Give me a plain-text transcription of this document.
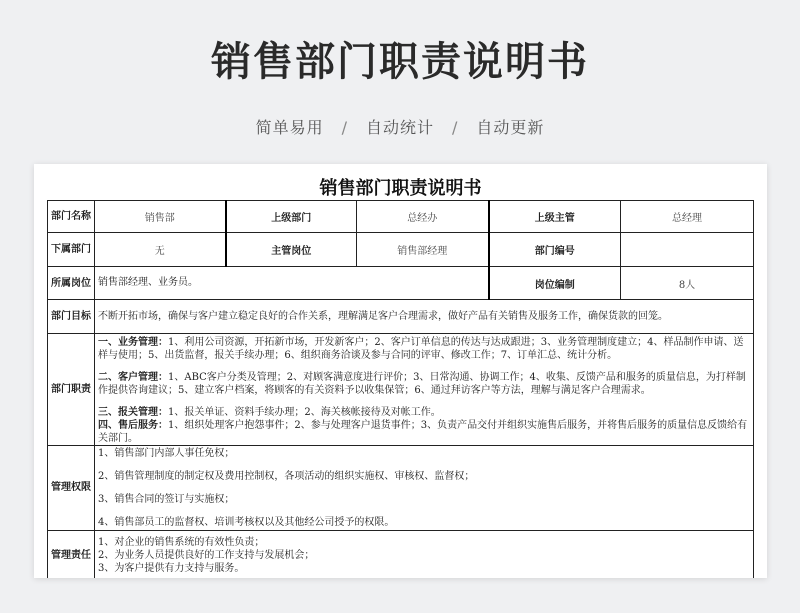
销售部门职责说明书
简单易用 / 自动统计 / 自动更新
销售部门职责说明书
部门名称	销售部	上级部门	总经办	上级主管	总经理
下属部门	无	主管岗位	销售部经理	部门编号	
所属岗位	销售部经理、业务员。			岗位编制	8人
部门目标	不断开拓市场，确保与客户建立稳定良好的合作关系，理解满足客户合理需求，做好产品有关销售及服务工作，确保货款的回笼。				
部门职责	一、业务管理：1、利用公司资源，开拓新市场，开发新客户；2、客户订单信息的传达与达成跟进；3、业务管理制度建立；4、样品制作申请、送样与使用；5、出货监督，报关手续办理；6、组织商务洽谈及参与合同的评审、修改工作；7、订单汇总、统计分析。

二、客户管理：1、ABC客户分类及管理；2、对顾客满意度进行评价；3、日常沟通、协调工作；4、收集、反馈产品和服务的质量信息，为打样制作提供咨询建议；5、建立客户档案，将顾客的有关资料予以收集保管；6、通过拜访客户等方法，理解与满足客户合理需求。

三、报关管理：1、报关单证、资料手续办理；2、海关核帐接待及对帐工作。

四、售后服务：1、组织处理客户抱怨事件；2、参与处理客户退货事件；3、负责产品交付并组织实施售后服务，并将售后服务的质量信息反馈给有关部门。				

管理权限	1、销售部门内部人事任免权；

2、销售管理制度的制定权及费用控制权，各项活动的组织实施权、审核权、监督权；

3、销售合同的签订与实施权；

4、销售部员工的监督权、培训考核权以及其他经公司授予的权限。				

管理责任	1、对企业的销售系统的有效性负责；

2、为业务人员提供良好的工作支持与发展机会；

3、为客户提供有力支持与服务。				
